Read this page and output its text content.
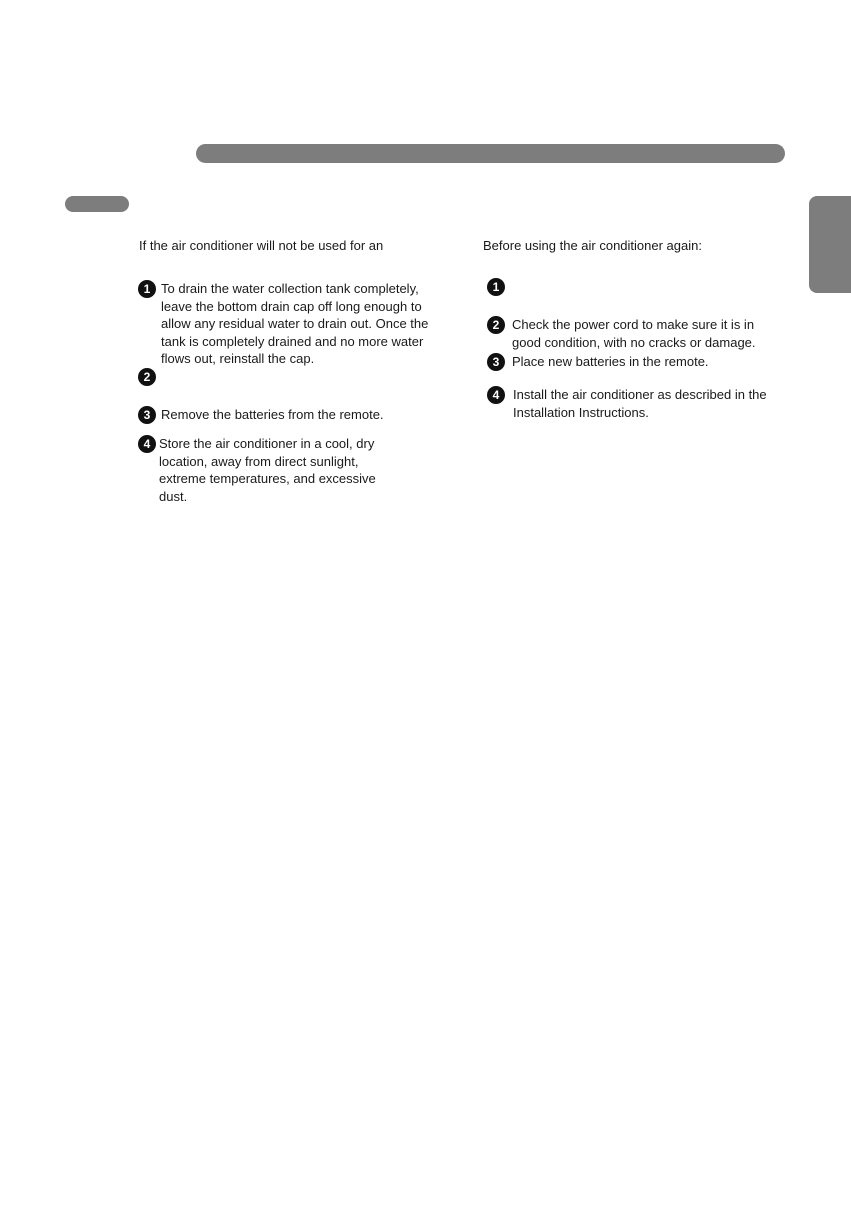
If the air conditioner will not be used for an
1 To drain the water collection tank completely, leave the bottom drain cap off long enough to allow any residual water to drain out. Once the tank is completely drained and no more water flows out, reinstall the cap.
2
3 Remove the batteries from the remote.
4 Store the air conditioner in a cool, dry location, away from direct sunlight, extreme temperatures, and excessive dust.
Before using the air conditioner again:
1
2 Check the power cord to make sure it is in good condition, with no cracks or damage.
3 Place new batteries in the remote.
4	Install the air conditioner as described in the Installation Instructions.
